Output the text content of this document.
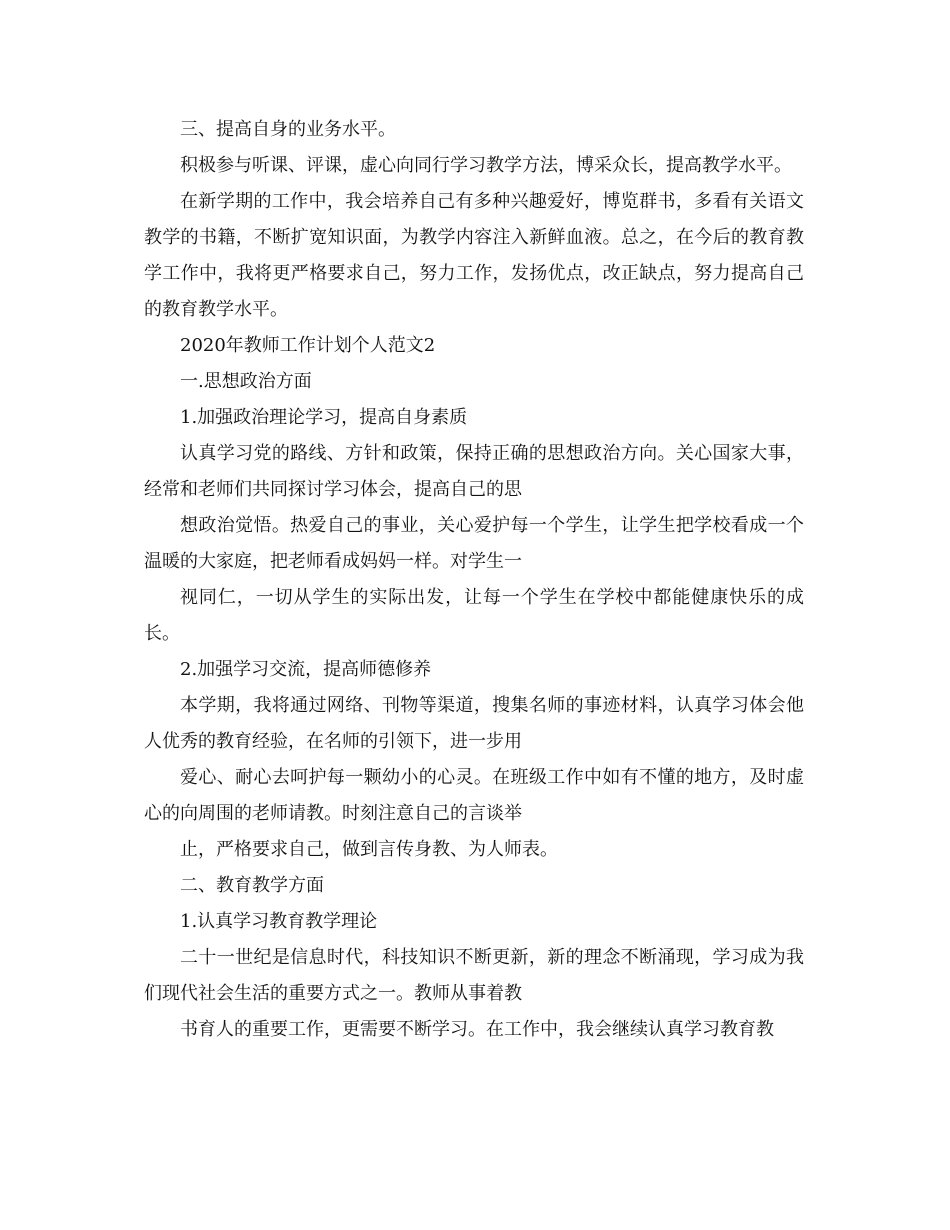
三、提高自身的业务水平。

积极参与听课、评课，虚心向同行学习教学方法，博采众长，提高教学水平。

在新学期的工作中，我会培养自己有多种兴趣爱好，博览群书，多看有关语文教学的书籍，不断扩宽知识面，为教学内容注入新鲜血液。总之，在今后的教育教学工作中，我将更严格要求自己，努力工作，发扬优点，改正缺点，努力提高自己的教育教学水平。

2020年教师工作计划个人范文2

一.思想政治方面

1.加强政治理论学习，提高自身素质

认真学习党的路线、方针和政策，保持正确的思想政治方向。关心国家大事，经常和老师们共同探讨学习体会，提高自己的思

想政治觉悟。热爱自己的事业，关心爱护每一个学生，让学生把学校看成一个温暖的大家庭，把老师看成妈妈一样。对学生一

视同仁，一切从学生的实际出发，让每一个学生在学校中都能健康快乐的成长。

2.加强学习交流，提高师德修养

本学期，我将通过网络、刊物等渠道，搜集名师的事迹材料，认真学习体会他人优秀的教育经验，在名师的引领下，进一步用

爱心、耐心去呵护每一颗幼小的心灵。在班级工作中如有不懂的地方，及时虚心的向周围的老师请教。时刻注意自己的言谈举

止，严格要求自己，做到言传身教、为人师表。

二、教育教学方面

1.认真学习教育教学理论

二十一世纪是信息时代，科技知识不断更新，新的理念不断涌现，学习成为我们现代社会生活的重要方式之一。教师从事着教

书育人的重要工作，更需要不断学习。在工作中，我会继续认真学习教育教
